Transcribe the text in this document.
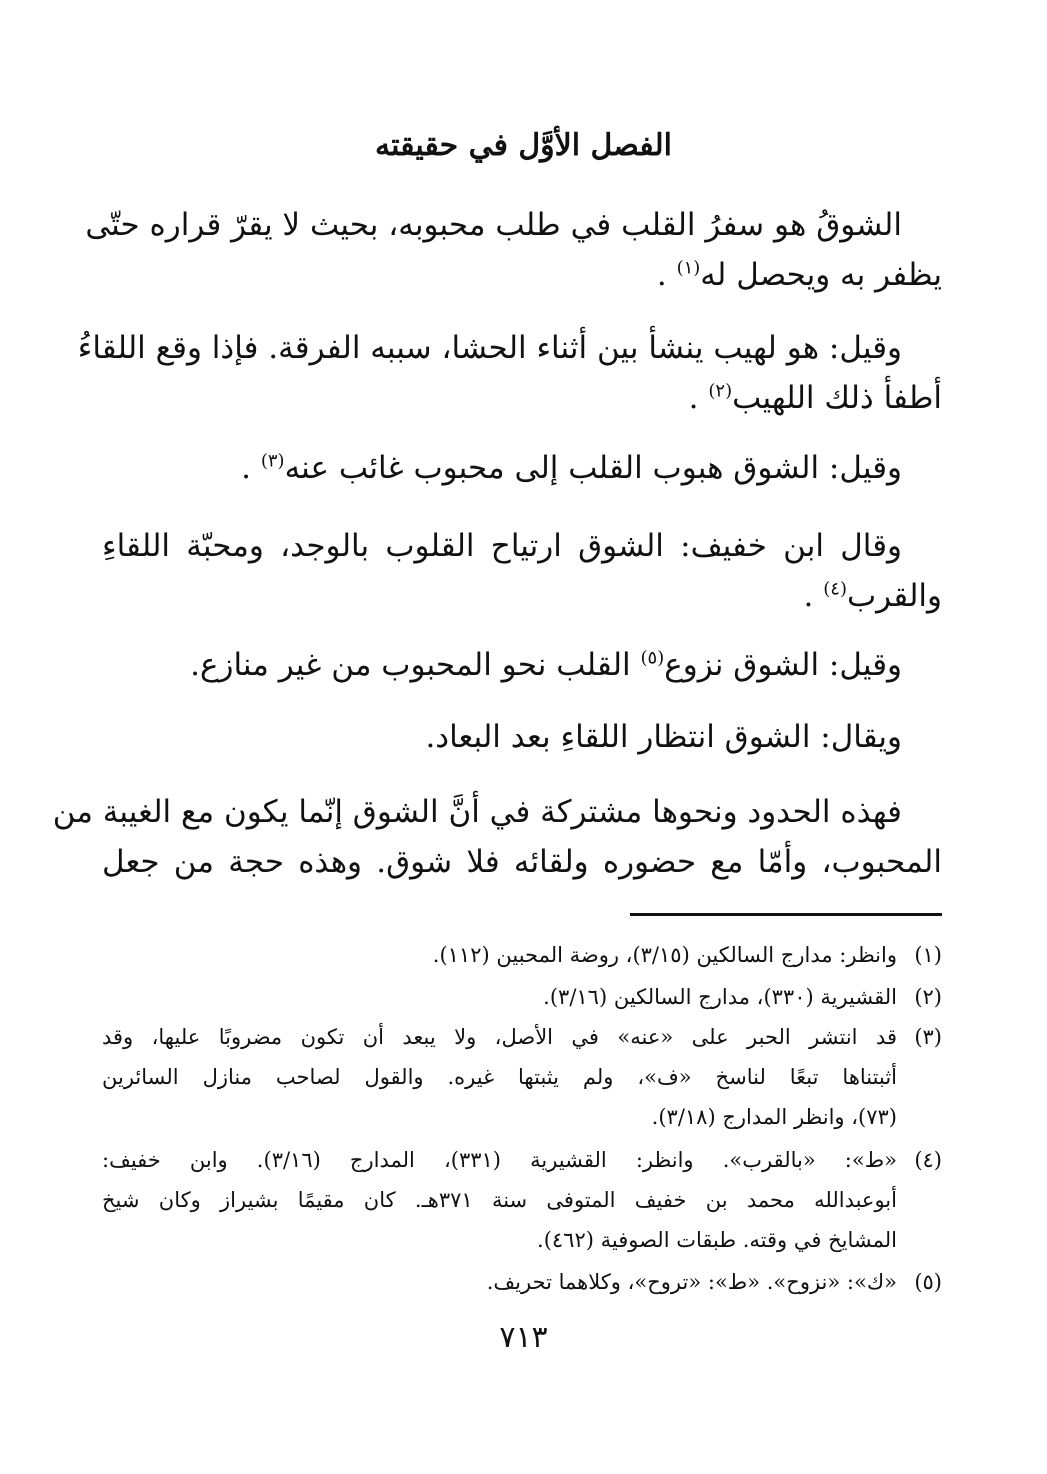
الفصل الأوَّل في حقيقته
الشوقُ هو سفرُ القلب في طلب محبوبه، بحيث لا يقرّ قراره حتّى
يظفر به ويحصل له$^{(١)}$ .
وقيل: هو لهيب ينشأ بين أثناء الحشا، سببه الفرقة. فإذا وقع اللقاءُ
أطفأ ذلك اللهيب$^{(٢)}$ .
وقيل: الشوق هبوب القلب إلى محبوب غائب عنه$^{(٣)}$ .
وقال ابن خفيف: الشوق ارتياح القلوب بالوجد، ومحبّة اللقاءِ
والقرب$^{(٤)}$ .
وقيل: الشوق نزوع$^{(٥)}$ القلب نحو المحبوب من غير منازع.
ويقال: الشوق انتظار اللقاءِ بعد البعاد.
فهذه الحدود ونحوها مشتركة في أنَّ الشوق إنّما يكون مع الغيبة من
المحبوب، وأمّا مع حضوره ولقائه فلا شوق. وهذه حجة من جعل
(١)
وانظر: مدارج السالكين (٣/١٥)، روضة المحبين (١١٢).
(٢)
القشيرية (٣٣٠)، مدارج السالكين (٣/١٦).
(٣)
قد انتشر الحبر على «عنه» في الأصل، ولا يبعد أن تكون مضروبًا عليها، وقد
أثبتناها تبعًا لناسخ «ف»، ولم يثبتها غيره. والقول لصاحب منازل السائرين
(٧٣)، وانظر المدارج (٣/١٨).
(٤)
«ط»: «بالقرب». وانظر: القشيرية (٣٣١)، المدارج (٣/١٦). وابن خفيف:
أبوعبدالله محمد بن خفيف المتوفى سنة ٣٧١هـ. كان مقيمًا بشيراز وكان شيخ
المشايخ في وقته. طبقات الصوفية (٤٦٢).
(٥)
«ك»: «نزوح». «ط»: «تروح»، وكلاهما تحريف.
٧١٣
